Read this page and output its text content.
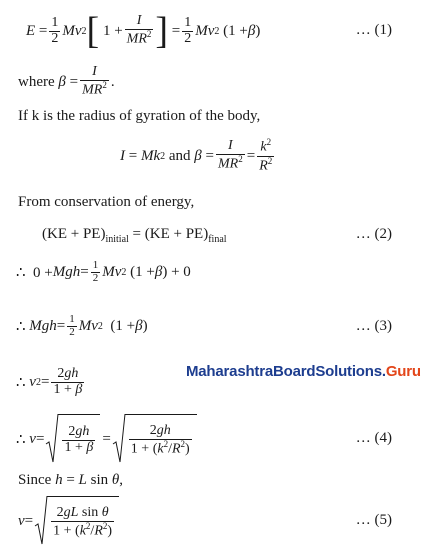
$E = \frac{1}{2}$ Mv 2 [ $1 + \frac{I}{MR^2}$ ] = $\frac{1}{2}$ Mv 2 (1 + β )	… (1)
where
$\beta = \frac{I}{MR^2}$ .
If k is the radius of gyration of the body,
I = Mk 2
and
$\beta = \frac{I}{MR^2} = \frac{k^2}{R^2}$
From conservation of energy,
$(KE + PE)_{initial} = (KE + PE)_{final}$	… (2)
∴  0 + Mgh = $\frac{1}{2}$ Mv 2 (1 + β ) + 0
MaharashtraBoardSolutions.Guru
∴ Mgh = $\frac{1}{2}$ Mv 2 (1 + β )	… (3)
∴ v $2 = \frac{2gh}{1 + \beta}$
∴ $v = \frac{2gh}{1 + \beta} = \frac{2gh}{1 + (k^2/R^2)}$	… (4)
Since h = L sin θ,
$v = \frac{\text{2gL sin θ}}{1 + (k^2/R^2)}$	… (5)
